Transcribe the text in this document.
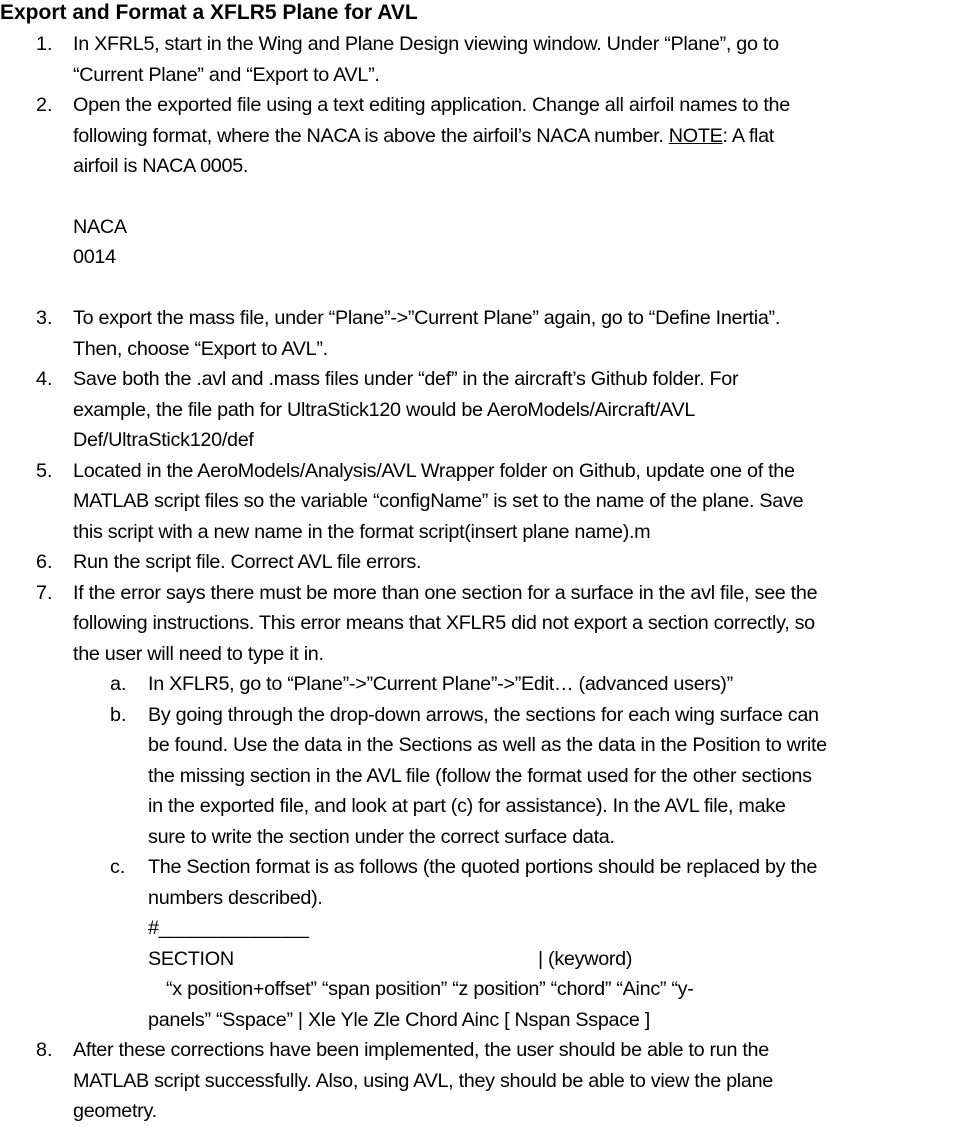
Export and Format a XFLR5 Plane for AVL
1. In XFRL5, start in the Wing and Plane Design viewing window. Under “Plane”, go to
“Current Plane” and “Export to AVL”.
2. Open the exported file using a text editing application. Change all airfoil names to the
following format, where the NACA is above the airfoil’s NACA number. NOTE: A flat
airfoil is NACA 0005.
NACA
0014
3. To export the mass file, under “Plane”->”Current Plane” again, go to “Define Inertia”.
Then, choose “Export to AVL”.
4. Save both the .avl and .mass files under “def” in the aircraft’s Github folder. For
example, the file path for UltraStick120 would be AeroModels/Aircraft/AVL
Def/UltraStick120/def
5. Located in the AeroModels/Analysis/AVL Wrapper folder on Github, update one of the
MATLAB script files so the variable “configName” is set to the name of the plane. Save
this script with a new name in the format script(insert plane name).m
6. Run the script file. Correct AVL file errors.
7. If the error says there must be more than one section for a surface in the avl file, see the
following instructions. This error means that XFLR5 did not export a section correctly, so
the user will need to type it in.
a. In XFLR5, go to “Plane”->”Current Plane”->”Edit… (advanced users)”
b. By going through the drop-down arrows, the sections for each wing surface can
be found. Use the data in the Sections as well as the data in the Position to write
the missing section in the AVL file (follow the format used for the other sections
in the exported file, and look at part (c) for assistance). In the AVL file, make
sure to write the section under the correct surface data.
c. The Section format is as follows (the quoted portions should be replaced by the
numbers described).
#______________
SECTION	| (keyword)
“x position+offset” “span position” “z position” “chord” “Ainc” “y-
panels” “Sspace” | Xle Yle Zle Chord Ainc [ Nspan Sspace ]
8. After these corrections have been implemented, the user should be able to run the
MATLAB script successfully. Also, using AVL, they should be able to view the plane
geometry.
